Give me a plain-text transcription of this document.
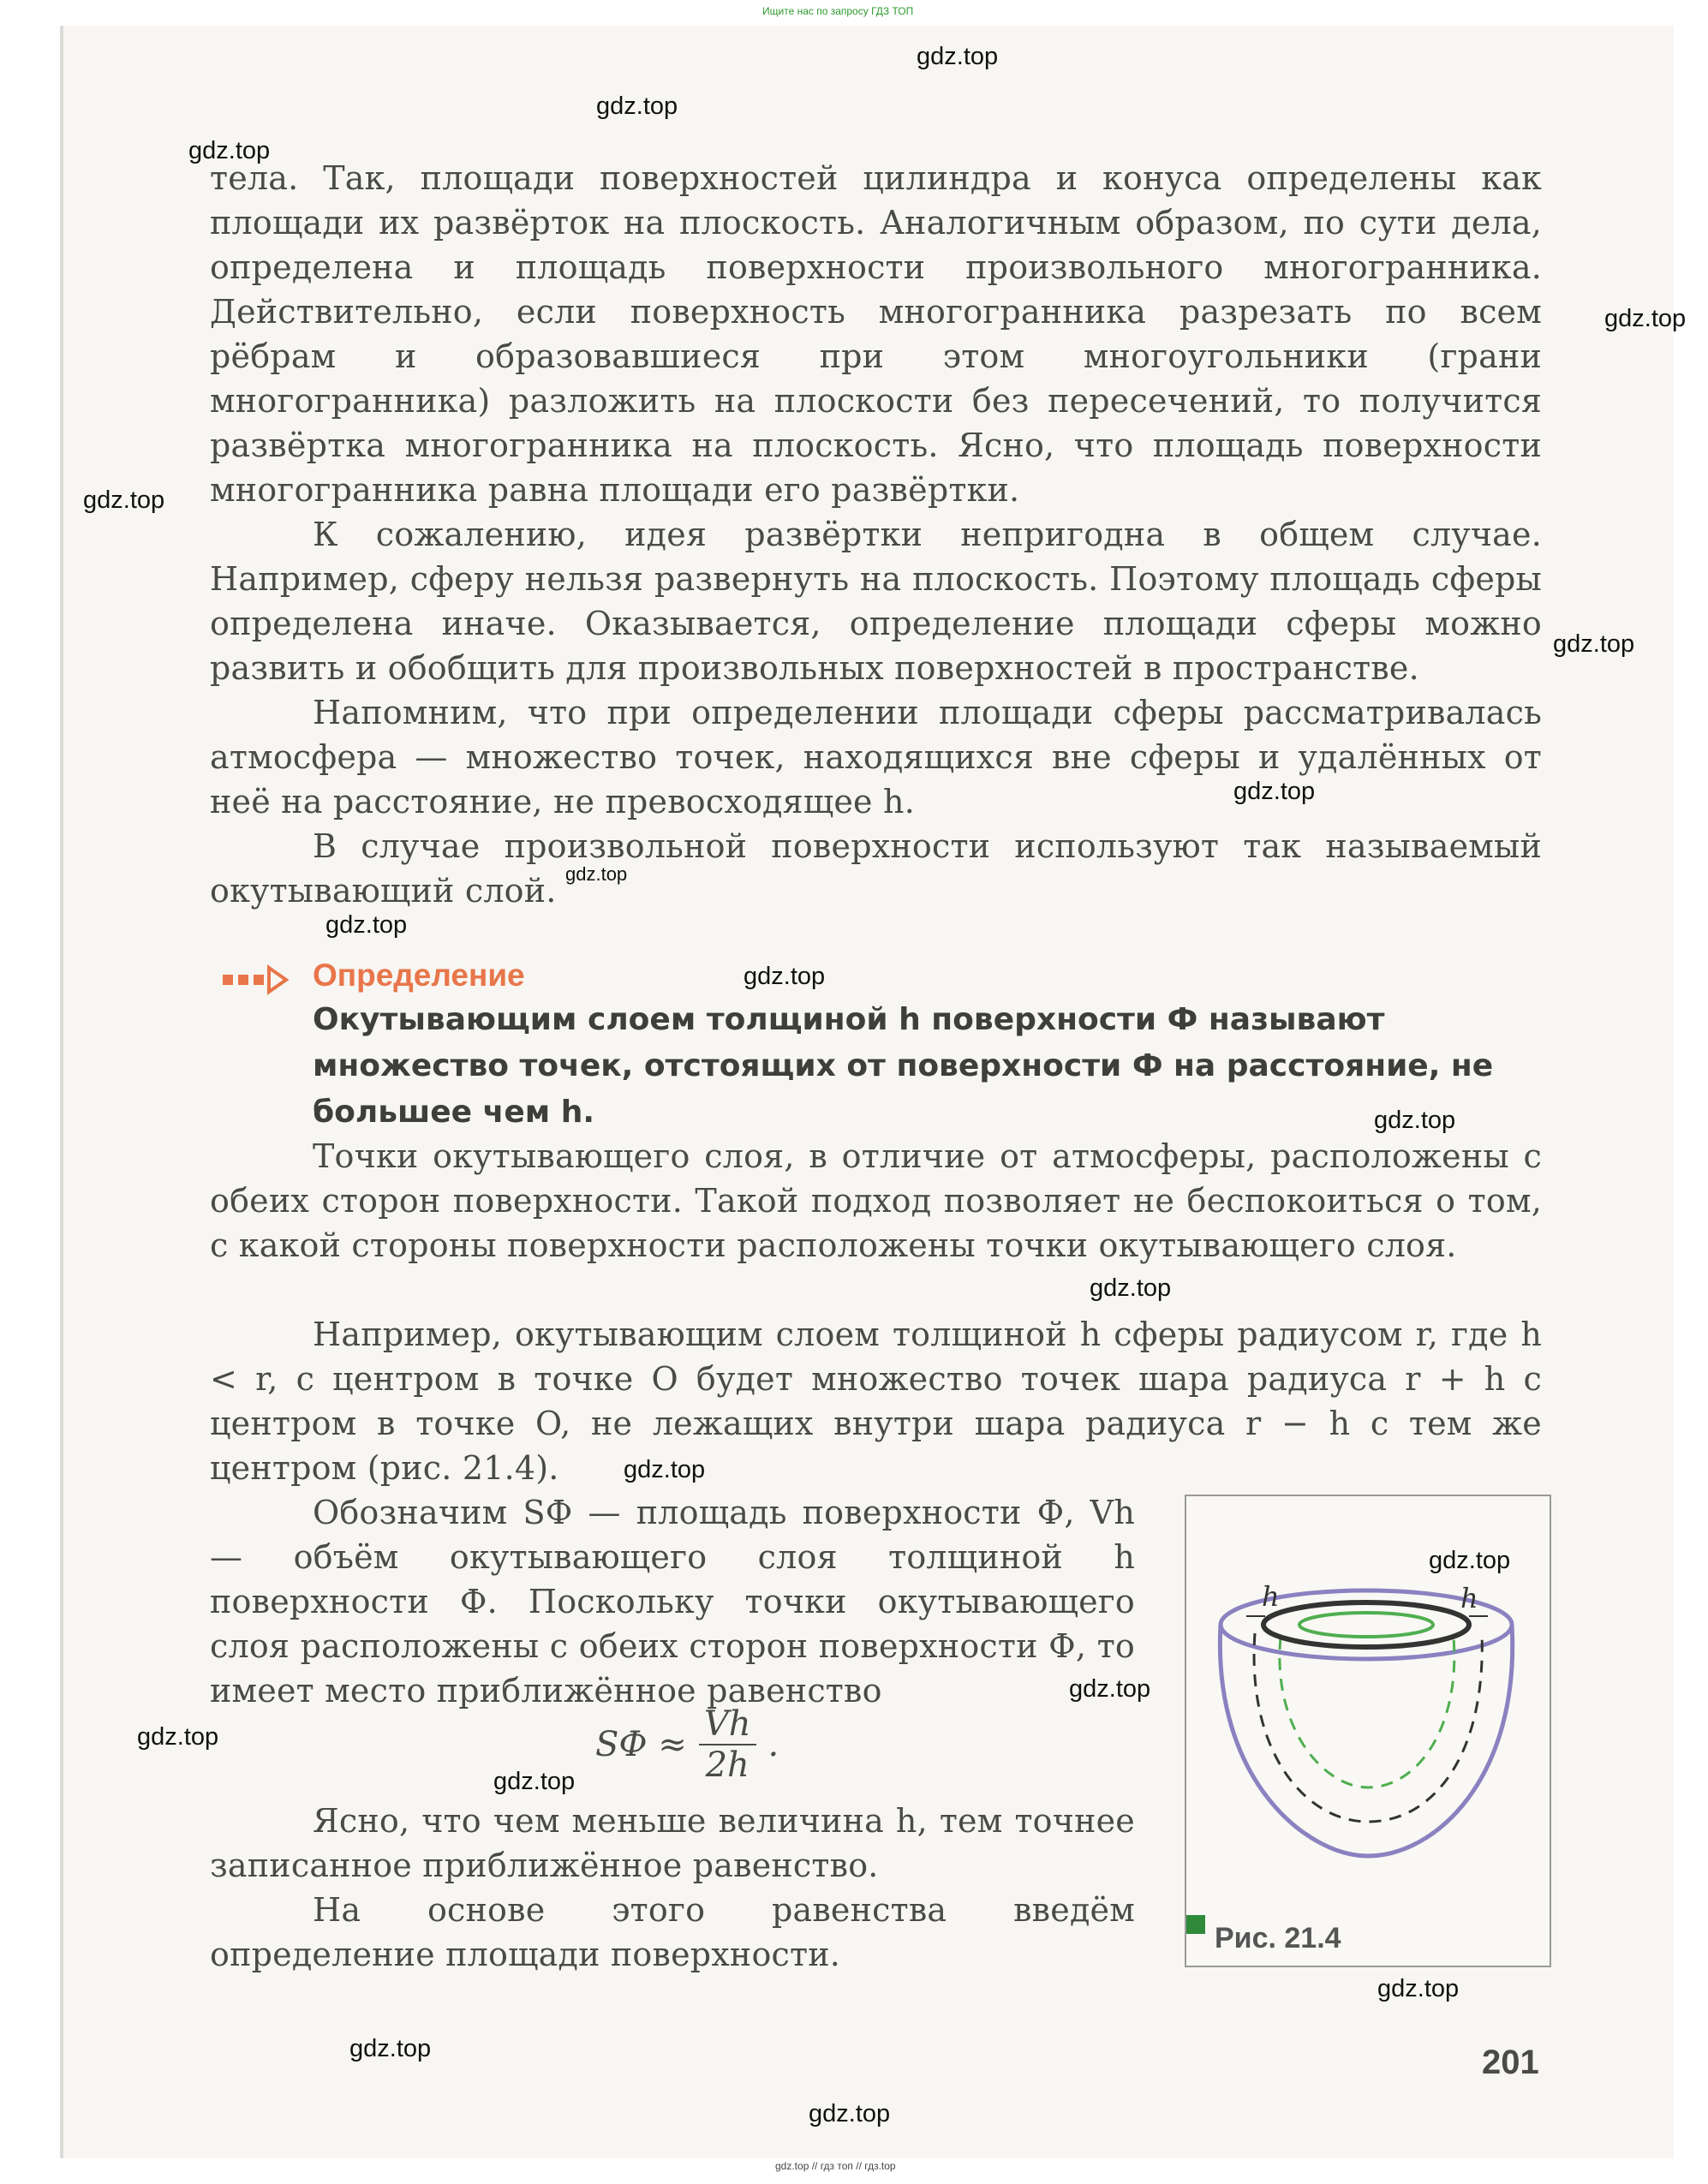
Ищите нас по запросу ГДЗ ТОП

тела. Так, площади поверхностей цилиндра и конуса определены как площади их развёрток на плоскость. Аналогичным образом, по сути дела, определена и площадь поверхности произвольного многогранника. Действительно, если поверхность многогранника разрезать по всем рёбрам и образовавшиеся при этом многоугольники (грани многогранника) разложить на плоскости без пересечений, то получится развёртка многогранника на плоскость. Ясно, что площадь поверхности многогранника равна площади его развёртки.

К сожалению, идея развёртки непригодна в общем случае. Например, сферу нельзя развернуть на плоскость. Поэтому площадь сферы определена иначе. Оказывается, определение площади сферы можно развить и обобщить для произвольных поверхностей в пространстве.

Напомним, что при определении площади сферы рассматривалась атмосфера — множество точек, находящихся вне сферы и удалённых от неё на расстояние, не превосходящее h.

В случае произвольной поверхности используют так называемый окутывающий слой.

Определение

Окутывающим слоем толщиной h поверхности Ф называют множество точек, отстоящих от поверхности Ф на расстояние, не большее чем h.

Точки окутывающего слоя, в отличие от атмосферы, расположены с обеих сторон поверхности. Такой подход позволяет не беспокоиться о том, с какой стороны поверхности расположены точки окутывающего слоя.

Например, окутывающим слоем толщиной h сферы радиусом r, где h < r, с центром в точке O будет множество точек шара радиуса r + h с центром в точке O, не лежащих внутри шара радиуса r − h с тем же центром (рис. 21.4).

Обозначим SФ — площадь поверхности Ф, Vh — объём окутывающего слоя толщиной h поверхности Ф. Поскольку точки окутывающего слоя расположены с обеих сторон поверхности Ф, то имеет место приближённое равенство

SФ ≈ $\frac{Vh}{2h}$ .

Ясно, что чем меньше величина h, тем точнее записанное приближённое равенство.

На основе этого равенства введём определение площади поверхности.

h	h
Рис. 21.4
201
gdz.top
gdz.top
gdz.top
gdz.top
gdz.top
gdz.top
gdz.top
gdz.top
gdz.top
gdz.top
gdz.top
gdz.top
gdz.top
gdz.top
gdz.top
gdz.top
gdz.top
gdz.top
gdz.top
gdz.top
gdz.top // гдз топ // гдз.top
